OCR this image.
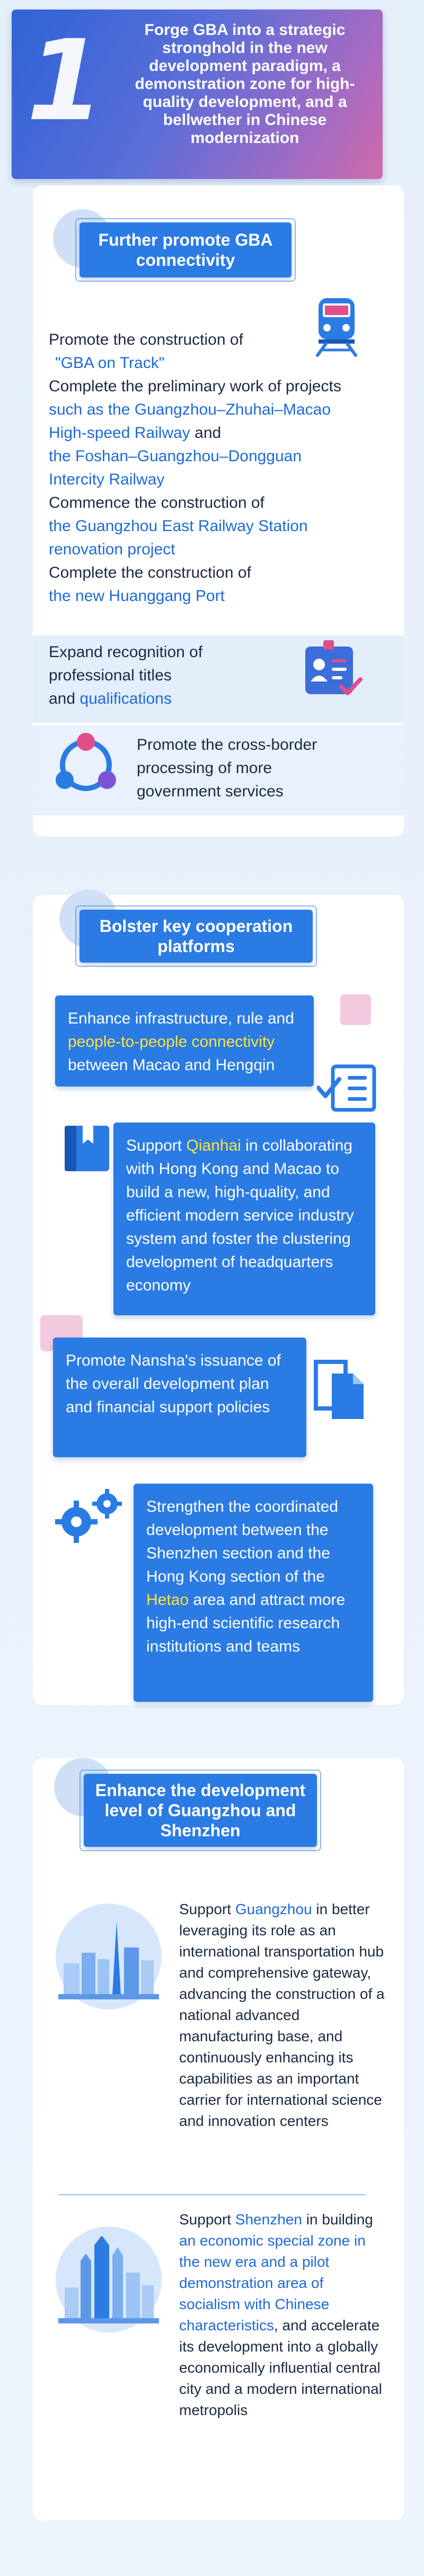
1	Forge GBA into a strategic stronghold in the new development paradigm, a demonstration zone for high-quality development, and a bellwether in Chinese modernization
Further promote GBA connectivity
Promote the construction of
"GBA on Track"
Complete the preliminary work of projects
such as the Guangzhou–Zhuhai–Macao
High-speed Railway and
the Foshan–Guangzhou–Dongguan
Intercity Railway
Commence the construction of
the Guangzhou East Railway Station
renovation project
Complete the construction of
the new Huanggang Port
Expand recognition of
professional titles
and qualifications
Promote the cross-border
processing of more
government services
Bolster key cooperation platforms
Enhance infrastructure, rule and
people-to-people connectivity
between Macao and Hengqin
Support Qianhai in collaborating with Hong Kong and Macao to build a new, high-quality, and efficient modern service industry system and foster the clustering development of headquarters economy
Promote Nansha's issuance of the overall development plan and financial support policies
Strengthen the coordinated development between the Shenzhen section and the Hong Kong section of the Hetao area and attract more high-end scientific research institutions and teams
Enhance the development level of Guangzhou and Shenzhen
Support Guangzhou in better leveraging its role as an international transportation hub and comprehensive gateway, advancing the construction of a national advanced manufacturing base, and continuously enhancing its capabilities as an important carrier for international science and innovation centers
Support Shenzhen in building an economic special zone in the new era and a pilot demonstration area of socialism with Chinese characteristics, and accelerate its development into a globally economically influential central city and a modern international metropolis
